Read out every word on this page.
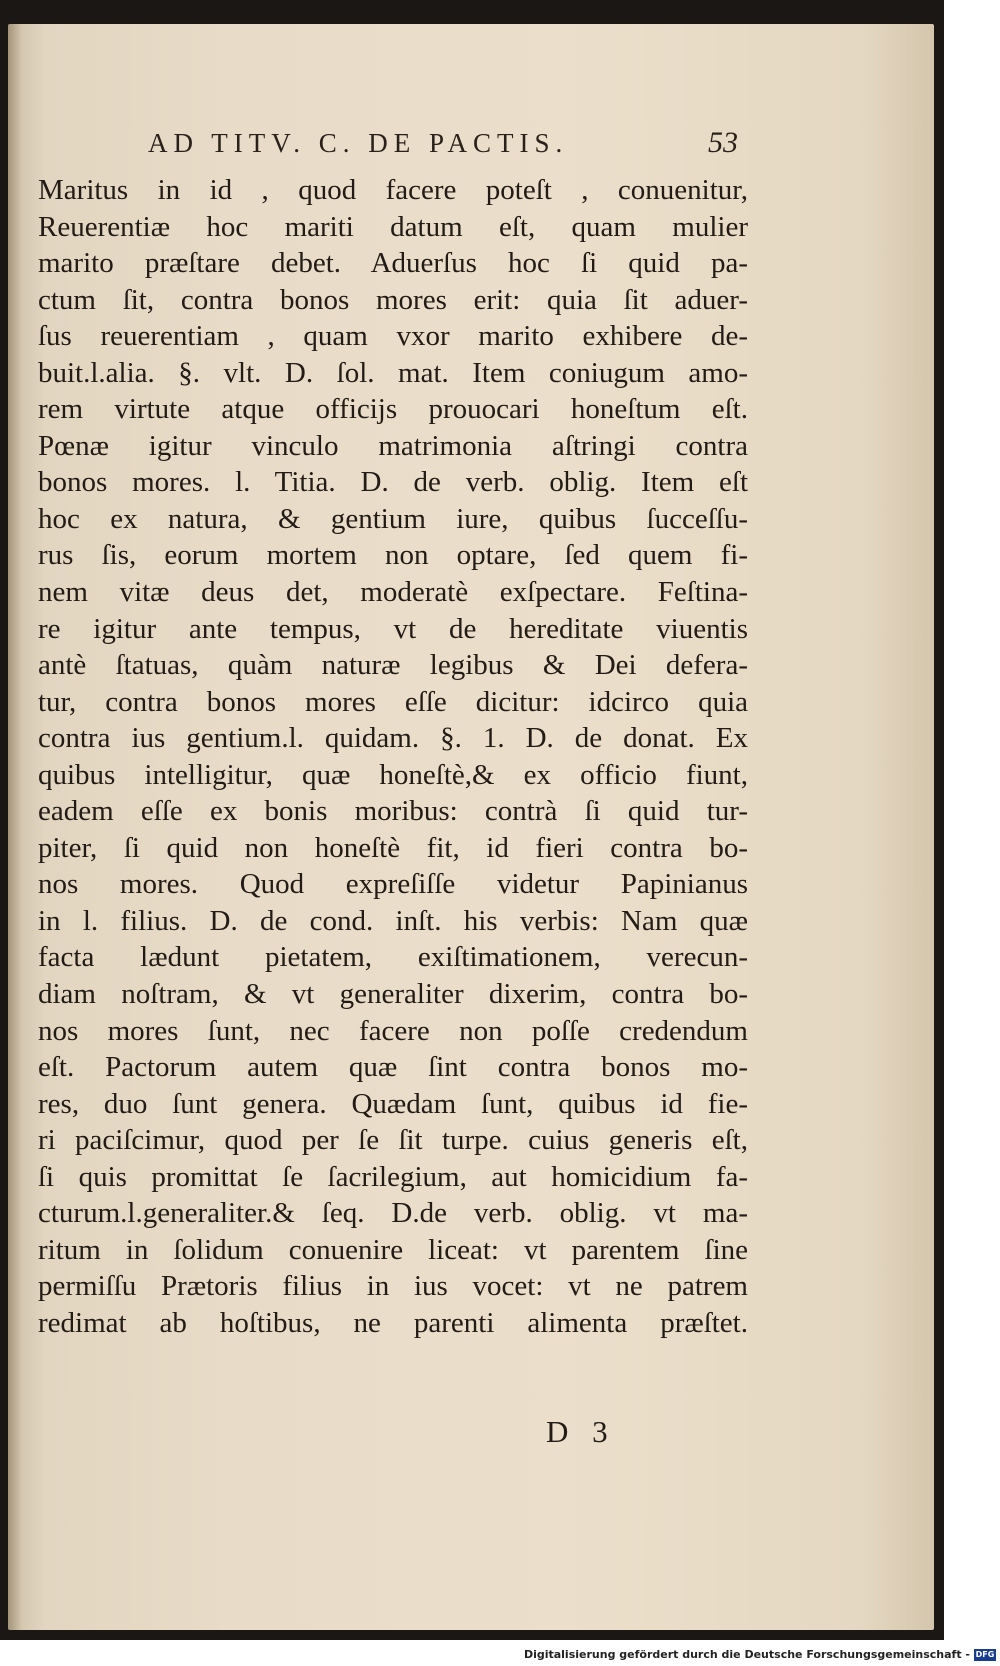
AD TITV. C. DE PACTIS.	53
Maritus in id , quod facere poteſt , conuenitur,
Reuerentiæ hoc mariti datum eſt, quam mulier
marito præſtare debet. Aduerſus hoc ſi quid pa-
ctum ſit, contra bonos mores erit: quia ſit aduer-
ſus reuerentiam , quam vxor marito exhibere de-
buit.l.alia. §. vlt. D. ſol. mat. Item coniugum amo-
rem virtute atque officijs prouocari honeſtum eſt.
Pœnæ igitur vinculo matrimonia aſtringi contra
bonos mores. l. Titia. D. de verb. oblig. Item eſt
hoc ex natura, & gentium iure, quibus ſucceſſu-
rus ſis, eorum mortem non optare, ſed quem fi-
nem vitæ deus det, moderatè exſpectare. Feſtina-
re igitur ante tempus, vt de hereditate viuentis
antè ſtatuas, quàm naturæ legibus & Dei defera-
tur, contra bonos mores eſſe dicitur: idcirco quia
contra ius gentium.l. quidam. §. 1. D. de donat. Ex
quibus intelligitur, quæ honeſtè,& ex officio fiunt,
eadem eſſe ex bonis moribus: contrà ſi quid tur-
piter, ſi quid non honeſtè fit, id fieri contra bo-
nos mores. Quod expreſiſſe videtur Papinianus
in l. filius. D. de cond. inſt. his verbis: Nam quæ
facta lædunt pietatem, exiſtimationem, verecun-
diam noſtram, & vt generaliter dixerim, contra bo-
nos mores ſunt, nec facere non poſſe credendum
eſt. Pactorum autem quæ ſint contra bonos mo-
res, duo ſunt genera. Quædam ſunt, quibus id fie-
ri paciſcimur, quod per ſe ſit turpe. cuius generis eſt,
ſi quis promittat ſe ſacrilegium, aut homicidium fa-
cturum.l.generaliter.& ſeq. D.de verb. oblig. vt ma-
ritum in ſolidum conuenire liceat: vt parentem ſine
permiſſu Prætoris filius in ius vocet: vt ne patrem
redimat ab hoſtibus, ne parenti alimenta præſtet.
D 3
Digitalisierung gefördert durch die Deutsche Forschungsgemeinschaft - DFG
